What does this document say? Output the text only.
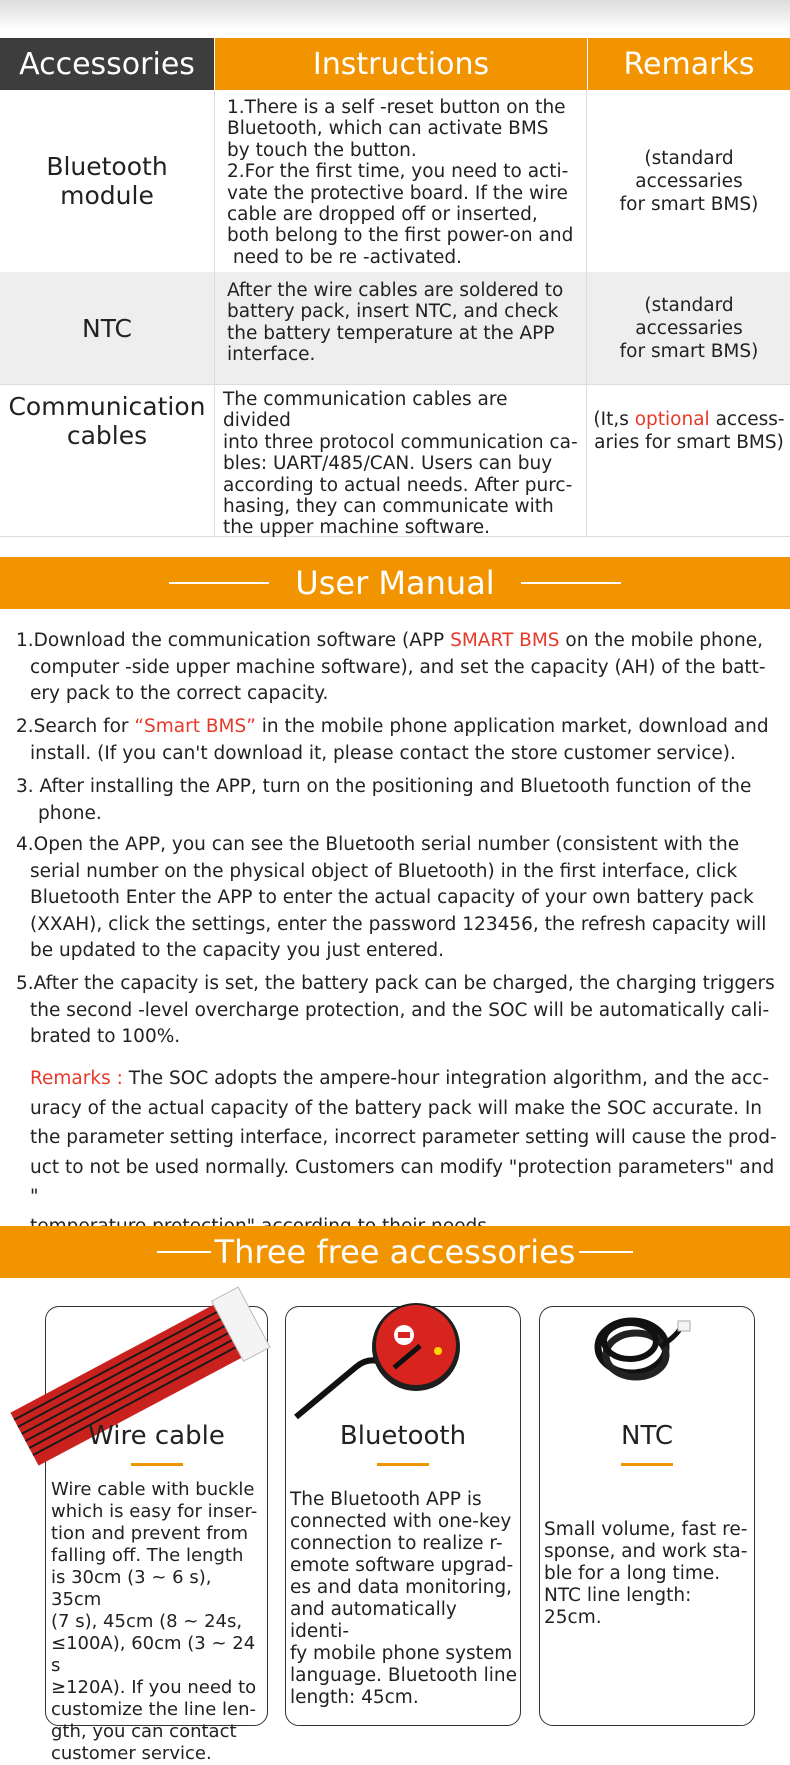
Accessories	Instructions	Remarks
Bluetooth
module
1.There is a self -reset button on the
Bluetooth, which can activate BMS
by touch the button.
2.For the first time, you need to acti-
vate the protective board. If the wire
cable are dropped off or inserted,
both belong to the first power-on and
need to be re -activated.
(standard accessaries
for smart BMS)
NTC
After the wire cables are soldered to
battery pack, insert NTC, and check
the battery temperature at the APP
interface.
(standard accessaries
for smart BMS)
Communication
cables
The communication cables are divided
into three protocol communication ca-
bles: UART/485/CAN. Users can buy
according to actual needs. After purc-
hasing, they can communicate with
the upper machine software.
(It,s optional access-
aries for smart BMS)
User Manual
1.Download the communication software (APP SMART BMS on the mobile phone,
computer -side upper machine software), and set the capacity (AH) of the batt-
ery pack to the correct capacity.
2.Search for “Smart BMS” in the mobile phone application market, download and
install. (If you can't download it, please contact the store customer service).
3. After installing the APP, turn on the positioning and Bluetooth function of the
phone.
4.Open the APP, you can see the Bluetooth serial number (consistent with the
serial number on the physical object of Bluetooth) in the first interface, click
Bluetooth Enter the APP to enter the actual capacity of your own battery pack
(XXAH), click the settings, enter the password 123456, the refresh capacity will
be updated to the capacity you just entered.
5.After the capacity is set, the battery pack can be charged, the charging triggers
the second -level overcharge protection, and the SOC will be automatically cali-
brated to 100%.
Remarks : The SOC adopts the ampere-hour integration algorithm, and the acc-
uracy of the actual capacity of the battery pack will make the SOC accurate. In
the parameter setting interface, incorrect parameter setting will cause the prod-
uct to not be used normally. Customers can modify "protection parameters" and "
Three free accessories
Wire cable
Wire cable with buckle
which is easy for inser-
tion and prevent from
falling off. The length
is 30cm (3 ~ 6 s), 35cm
(7 s), 45cm (8 ~ 24s,
≤100A), 60cm (3 ~ 24 s
≥120A). If you need to
customize the line len-
gth, you can contact
customer service.
Bluetooth
The Bluetooth APP is
connected with one-key
connection to realize r-
emote software upgrad-
es and data monitoring,
and automatically identi-
fy mobile phone system
language. Bluetooth line
length: 45cm.
NTC
Small volume, fast re-
sponse, and work sta-
ble for a long time.
NTC line length: 25cm.
